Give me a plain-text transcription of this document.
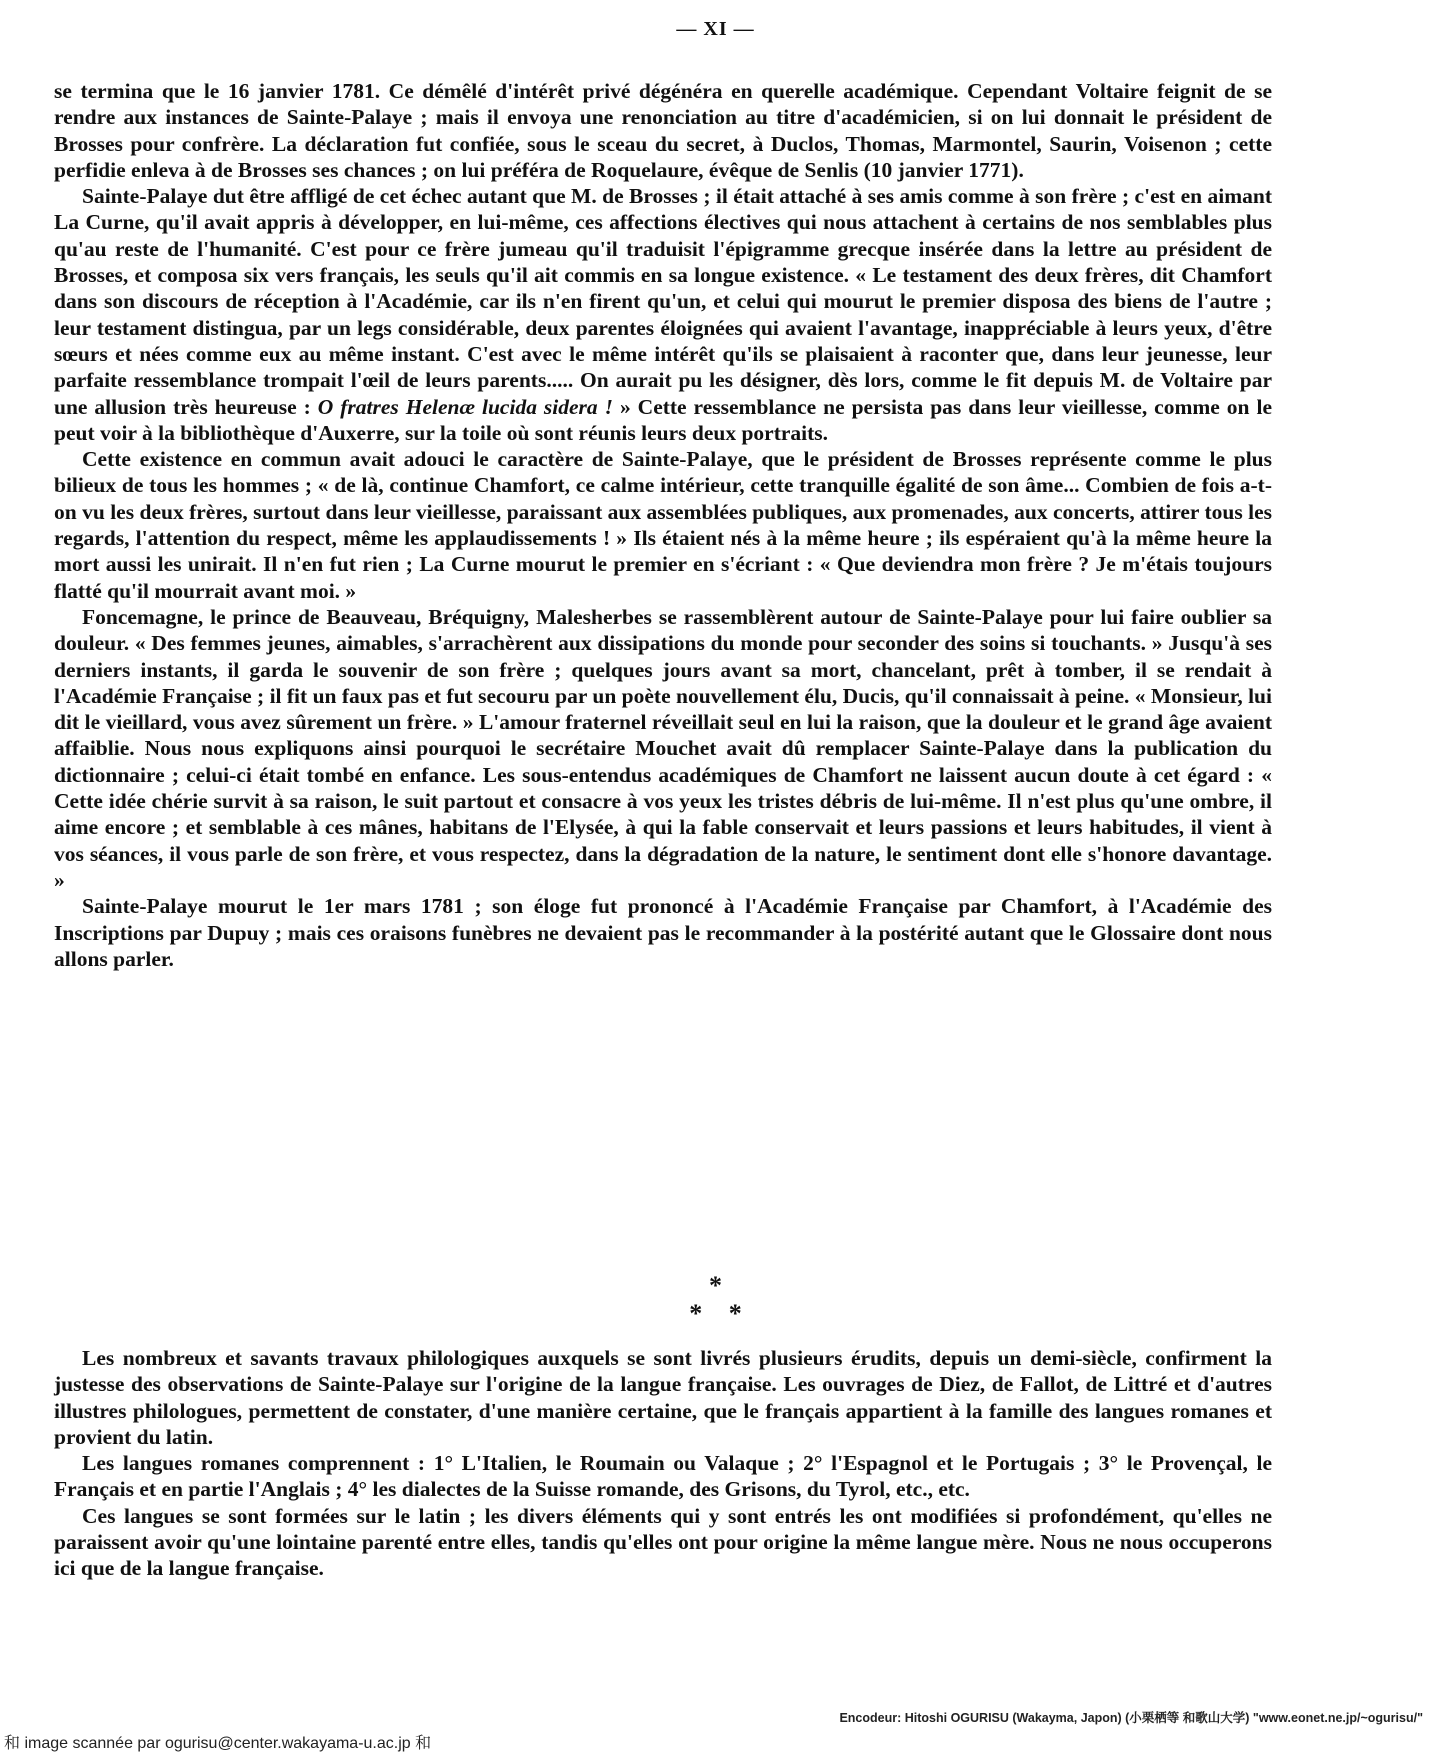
— XI —

se termina que le 16 janvier 1781. Ce démêlé d'intérêt privé dégénéra en querelle académique. Cependant Voltaire feignit de se rendre aux instances de Sainte-Palaye ; mais il envoya une renonciation au titre d'académicien, si on lui donnait le président de Brosses pour confrère. La déclaration fut confiée, sous le sceau du secret, à Duclos, Thomas, Marmontel, Saurin, Voisenon ; cette perfidie enleva à de Brosses ses chances ; on lui préféra de Roquelaure, évêque de Senlis (10 janvier 1771).

Sainte-Palaye dut être affligé de cet échec autant que M. de Brosses ; il était attaché à ses amis comme à son frère ; c'est en aimant La Curne, qu'il avait appris à développer, en lui-même, ces affections électives qui nous attachent à certains de nos semblables plus qu'au reste de l'humanité. C'est pour ce frère jumeau qu'il traduisit l'épigramme grecque insérée dans la lettre au président de Brosses, et composa six vers français, les seuls qu'il ait commis en sa longue existence. « Le testament des deux frères, dit Chamfort dans son discours de réception à l'Académie, car ils n'en firent qu'un, et celui qui mourut le premier disposa des biens de l'autre ; leur testament distingua, par un legs considérable, deux parentes éloignées qui avaient l'avantage, inappréciable à leurs yeux, d'être sœurs et nées comme eux au même instant. C'est avec le même intérêt qu'ils se plaisaient à raconter que, dans leur jeunesse, leur parfaite ressemblance trompait l'œil de leurs parents..... On aurait pu les désigner, dès lors, comme le fit depuis M. de Voltaire par une allusion très heureuse : O fratres Helenæ lucida sidera ! » Cette ressemblance ne persista pas dans leur vieillesse, comme on le peut voir à la bibliothèque d'Auxerre, sur la toile où sont réunis leurs deux portraits.

Cette existence en commun avait adouci le caractère de Sainte-Palaye, que le président de Brosses représente comme le plus bilieux de tous les hommes ; « de là, continue Chamfort, ce calme intérieur, cette tranquille égalité de son âme... Combien de fois a-t-on vu les deux frères, surtout dans leur vieillesse, paraissant aux assemblées publiques, aux promenades, aux concerts, attirer tous les regards, l'attention du respect, même les applaudissements ! » Ils étaient nés à la même heure ; ils espéraient qu'à la même heure la mort aussi les unirait. Il n'en fut rien ; La Curne mourut le premier en s'écriant : « Que deviendra mon frère ? Je m'étais toujours flatté qu'il mourrait avant moi. »

Foncemagne, le prince de Beauveau, Bréquigny, Malesherbes se rassemblèrent autour de Sainte-Palaye pour lui faire oublier sa douleur. « Des femmes jeunes, aimables, s'arrachèrent aux dissipations du monde pour seconder des soins si touchants. » Jusqu'à ses derniers instants, il garda le souvenir de son frère ; quelques jours avant sa mort, chancelant, prêt à tomber, il se rendait à l'Académie Française ; il fit un faux pas et fut secouru par un poète nouvellement élu, Ducis, qu'il connaissait à peine. « Monsieur, lui dit le vieillard, vous avez sûrement un frère. » L'amour fraternel réveillait seul en lui la raison, que la douleur et le grand âge avaient affaiblie. Nous nous expliquons ainsi pourquoi le secrétaire Mouchet avait dû remplacer Sainte-Palaye dans la publication du dictionnaire ; celui-ci était tombé en enfance. Les sous-entendus académiques de Chamfort ne laissent aucun doute à cet égard : « Cette idée chérie survit à sa raison, le suit partout et consacre à vos yeux les tristes débris de lui-même. Il n'est plus qu'une ombre, il aime encore ; et semblable à ces mânes, habitans de l'Elysée, à qui la fable conservait et leurs passions et leurs habitudes, il vient à vos séances, il vous parle de son frère, et vous respectez, dans la dégradation de la nature, le sentiment dont elle s'honore davantage. »

Sainte-Palaye mourut le 1er mars 1781 ; son éloge fut prononcé à l'Académie Française par Chamfort, à l'Académie des Inscriptions par Dupuy ; mais ces oraisons funèbres ne devaient pas le recommander à la postérité autant que le Glossaire dont nous allons parler.

*
* *

Les nombreux et savants travaux philologiques auxquels se sont livrés plusieurs érudits, depuis un demi-siècle, confirment la justesse des observations de Sainte-Palaye sur l'origine de la langue française. Les ouvrages de Diez, de Fallot, de Littré et d'autres illustres philologues, permettent de constater, d'une manière certaine, que le français appartient à la famille des langues romanes et provient du latin.

Les langues romanes comprennent : 1° L'Italien, le Roumain ou Valaque ; 2° l'Espagnol et le Portugais ; 3° le Provençal, le Français et en partie l'Anglais ; 4° les dialectes de la Suisse romande, des Grisons, du Tyrol, etc., etc.

Ces langues se sont formées sur le latin ; les divers éléments qui y sont entrés les ont modifiées si profondément, qu'elles ne paraissent avoir qu'une lointaine parenté entre elles, tandis qu'elles ont pour origine la même langue mère. Nous ne nous occuperons ici que de la langue française.

Encodeur: Hitoshi OGURISU (Wakayma, Japon) (小栗栖等 和歌山大学) "www.eonet.ne.jp/~ogurisu/"
和 image scannée par ogurisu@center.wakayama-u.ac.jp 和
